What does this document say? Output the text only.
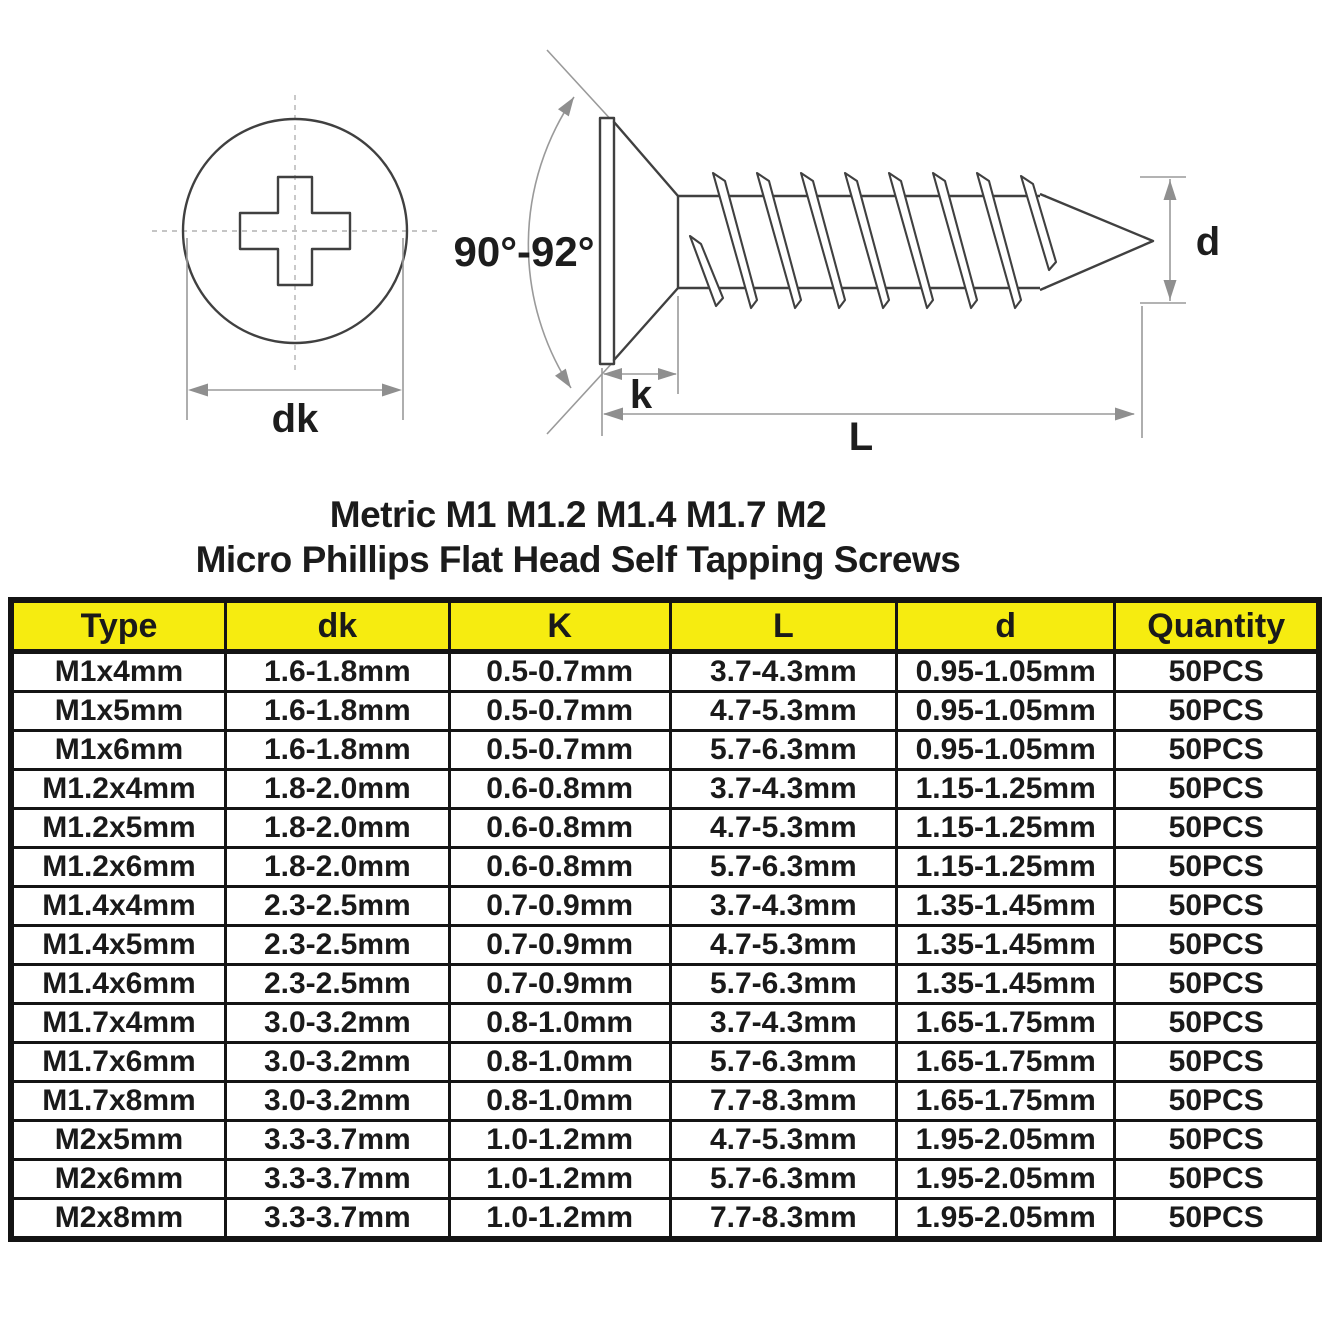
dk
90°-92°
k
L
d
Metric M1 M1.2 M1.4 M1.7 M2
Micro Phillips Flat Head Self Tapping Screws
Type	dk	K	L	d	Quantity
M1x4mm	1.6-1.8mm	0.5-0.7mm	3.7-4.3mm	0.95-1.05mm	50PCS
M1x5mm	1.6-1.8mm	0.5-0.7mm	4.7-5.3mm	0.95-1.05mm	50PCS
M1x6mm	1.6-1.8mm	0.5-0.7mm	5.7-6.3mm	0.95-1.05mm	50PCS
M1.2x4mm	1.8-2.0mm	0.6-0.8mm	3.7-4.3mm	1.15-1.25mm	50PCS
M1.2x5mm	1.8-2.0mm	0.6-0.8mm	4.7-5.3mm	1.15-1.25mm	50PCS
M1.2x6mm	1.8-2.0mm	0.6-0.8mm	5.7-6.3mm	1.15-1.25mm	50PCS
M1.4x4mm	2.3-2.5mm	0.7-0.9mm	3.7-4.3mm	1.35-1.45mm	50PCS
M1.4x5mm	2.3-2.5mm	0.7-0.9mm	4.7-5.3mm	1.35-1.45mm	50PCS
M1.4x6mm	2.3-2.5mm	0.7-0.9mm	5.7-6.3mm	1.35-1.45mm	50PCS
M1.7x4mm	3.0-3.2mm	0.8-1.0mm	3.7-4.3mm	1.65-1.75mm	50PCS
M1.7x6mm	3.0-3.2mm	0.8-1.0mm	5.7-6.3mm	1.65-1.75mm	50PCS
M1.7x8mm	3.0-3.2mm	0.8-1.0mm	7.7-8.3mm	1.65-1.75mm	50PCS
M2x5mm	3.3-3.7mm	1.0-1.2mm	4.7-5.3mm	1.95-2.05mm	50PCS
M2x6mm	3.3-3.7mm	1.0-1.2mm	5.7-6.3mm	1.95-2.05mm	50PCS
M2x8mm	3.3-3.7mm	1.0-1.2mm	7.7-8.3mm	1.95-2.05mm	50PCS
